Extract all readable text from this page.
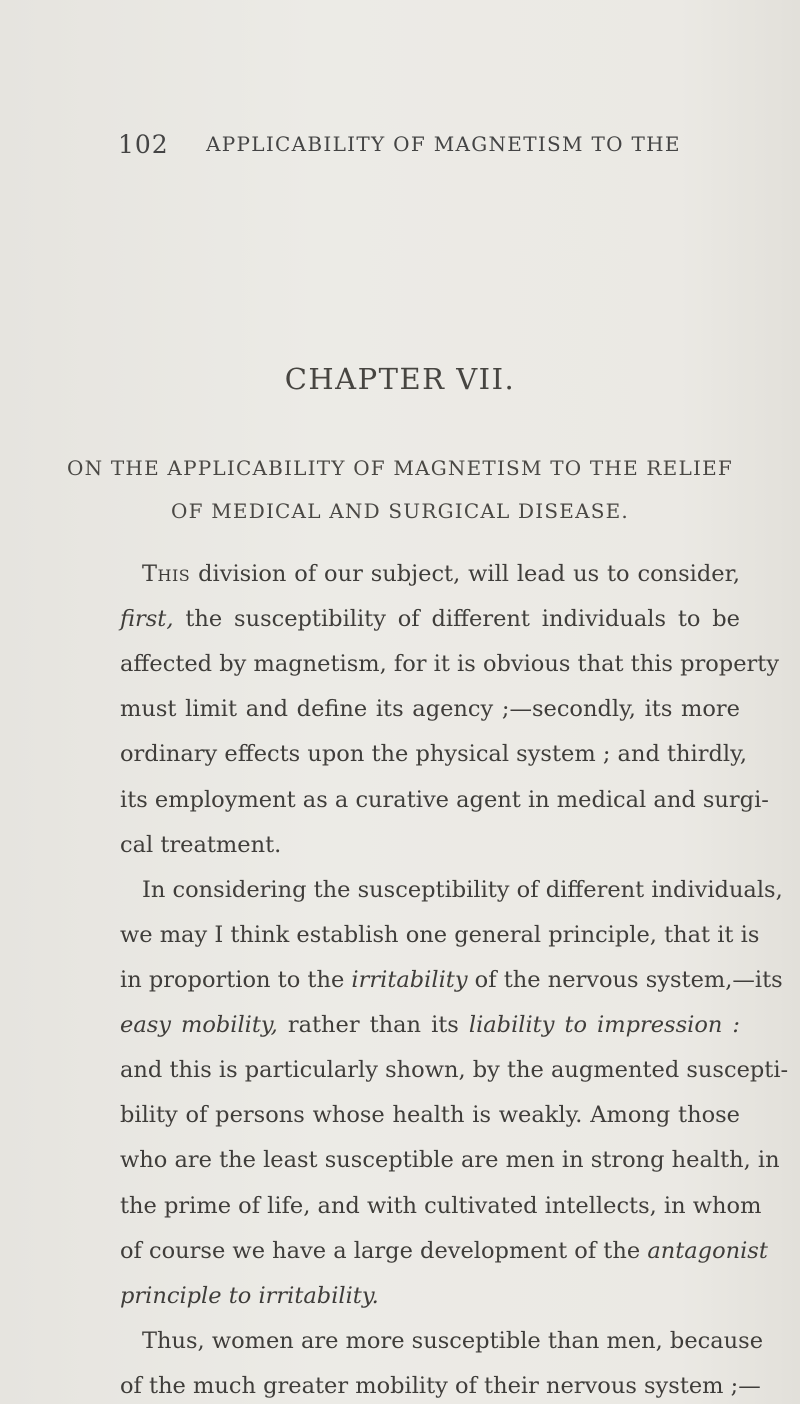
102 APPLICABILITY OF MAGNETISM TO THE
CHAPTER VII.
ON THE APPLICABILITY OF MAGNETISM TO THE RELIEF
OF MEDICAL AND SURGICAL DISEASE.
This division of our subject, will lead us to consider,
first, the susceptibility of different individuals to be
affected by magnetism, for it is obvious that this property
must limit and define its agency ;—secondly, its more
ordinary effects upon the physical system ; and thirdly,
its employment as a curative agent in medical and surgi-
cal treatment.
In considering the susceptibility of different individuals,
we may I think establish one general principle, that it is
in proportion to the irritability of the nervous system,—its
easy mobility, rather than its liability to impression :
and this is particularly shown, by the augmented suscepti-
bility of persons whose health is weakly. Among those
who are the least susceptible are men in strong health, in
the prime of life, and with cultivated intellects, in whom
of course we have a large development of the antagonist
principle to irritability.
Thus, women are more susceptible than men, because
of the much greater mobility of their nervous system ;—
